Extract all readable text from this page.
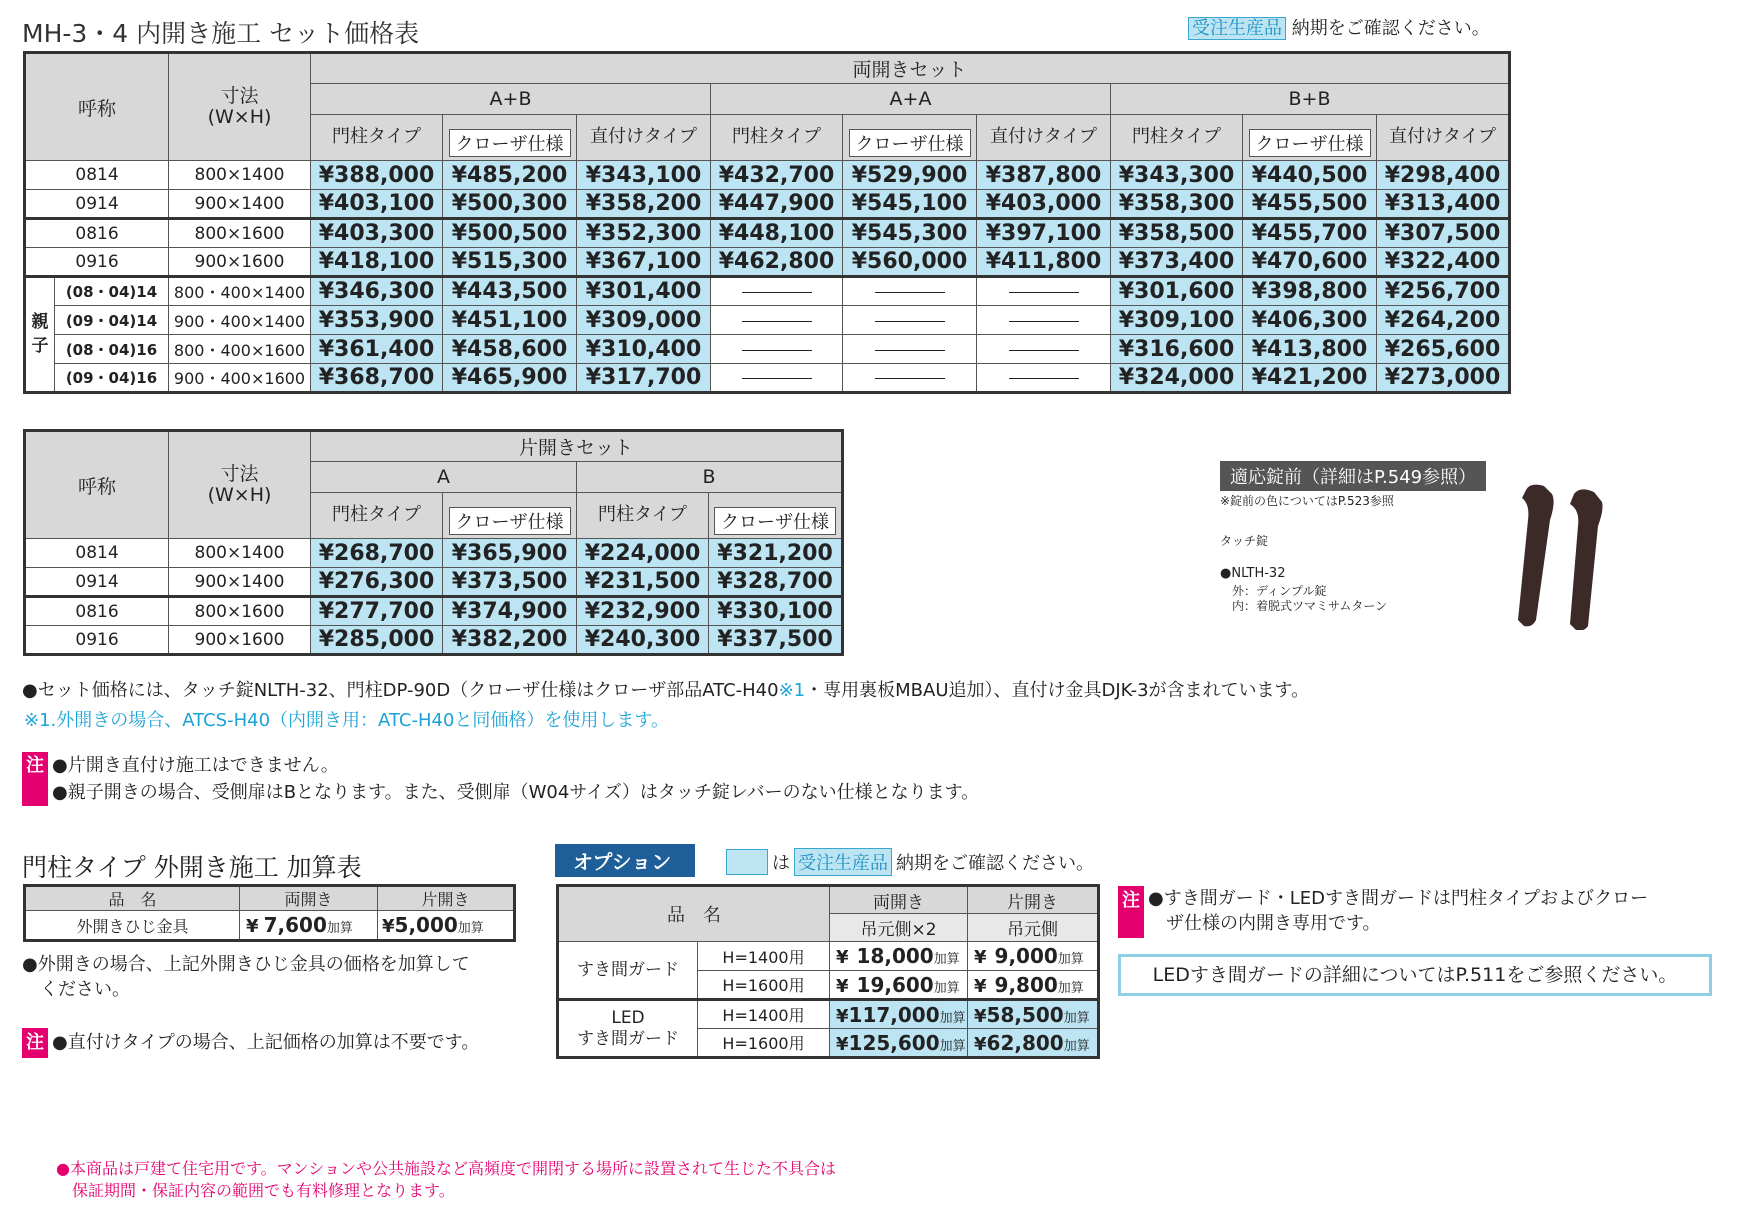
MH-3・4 内開き施工 セット価格表	受注生産品 納期をご確認ください。
呼称		寸法
(W×H)	両開きセット								
			A+B			A+A			B+B		
			門柱タイプ	クローザ仕様	直付けタイプ	門柱タイプ	クローザ仕様	直付けタイプ	門柱タイプ	クローザ仕様	直付けタイプ
0814		800×1400	¥388,000	¥485,200	¥343,100	¥432,700	¥529,900	¥387,800	¥343,300	¥440,500	¥298,400
0914		900×1400	¥403,100	¥500,300	¥358,200	¥447,900	¥545,100	¥403,000	¥358,300	¥455,500	¥313,400
0816		800×1600	¥403,300	¥500,500	¥352,300	¥448,100	¥545,300	¥397,100	¥358,500	¥455,700	¥307,500
0916		900×1600	¥418,100	¥515,300	¥367,100	¥462,800	¥560,000	¥411,800	¥373,400	¥470,600	¥322,400
親
子	(08・04)14	800・400×1400	¥346,300	¥443,500	¥301,400				¥301,600	¥398,800	¥256,700
	(09・04)14	900・400×1400	¥353,900	¥451,100	¥309,000				¥309,100	¥406,300	¥264,200
	(08・04)16	800・400×1600	¥361,400	¥458,600	¥310,400				¥316,600	¥413,800	¥265,600
	(09・04)16	900・400×1600	¥368,700	¥465,900	¥317,700				¥324,000	¥421,200	¥273,000
呼称	寸法
(W×H)	片開きセット			
		A		B	
		門柱タイプ	クローザ仕様	門柱タイプ	クローザ仕様
0814	800×1400	¥268,700	¥365,900	¥224,000	¥321,200
0914	900×1400	¥276,300	¥373,500	¥231,500	¥328,700
0816	800×1600	¥277,700	¥374,900	¥232,900	¥330,100
0916	900×1600	¥285,000	¥382,200	¥240,300	¥337,500
適応錠前（詳細はP.549参照）
※錠前の色についてはP.523参照
タッチ錠
●NLTH-32
外：ディンプル錠
内：着脱式ツマミサムターン
●セット価格には、タッチ錠NLTH-32、門柱DP-90D（クローザ仕様はクローザ部品ATC-H40※1・専用裏板MBAU追加）、直付け金具DJK-3が含まれています。
※1.外開きの場合、ATCS-H40（内開き用：ATC-H40と同価格）を使用します。
注 ●片開き直付け施工はできません。
●親子開きの場合、受側扉はBとなります。また、受側扉（W04サイズ）はタッチ錠レバーのない仕様となります。
門柱タイプ 外開き施工 加算表
品　名	両開き	片開き
外開きひじ金具	¥ 7,600加算	¥5,000加算
●外開きの場合、上記外開きひじ金具の価格を加算して
　ください。
注 ●直付けタイプの場合、上記価格の加算は不要です。
オプション	は 受注生産品 納期をご確認ください。
品　名		両開き	片開き
		吊元側×2	吊元側
すき間ガード	H=1400用	¥ 18,000加算	¥ 9,000加算
	H=1600用	¥ 19,600加算	¥ 9,800加算
LED
すき間ガード	H=1400用	¥117,000加算	¥58,500加算
	H=1600用	¥125,600加算	¥62,800加算
注 ●すき間ガード・LEDすき間ガードは門柱タイプおよびクロー
　ザ仕様の内開き専用です。
LEDすき間ガードの詳細についてはP.511をご参照ください。
●本商品は戸建て住宅用です。マンションや公共施設など高頻度で開閉する場所に設置されて生じた不具合は
　保証期間・保証内容の範囲でも有料修理となります。
